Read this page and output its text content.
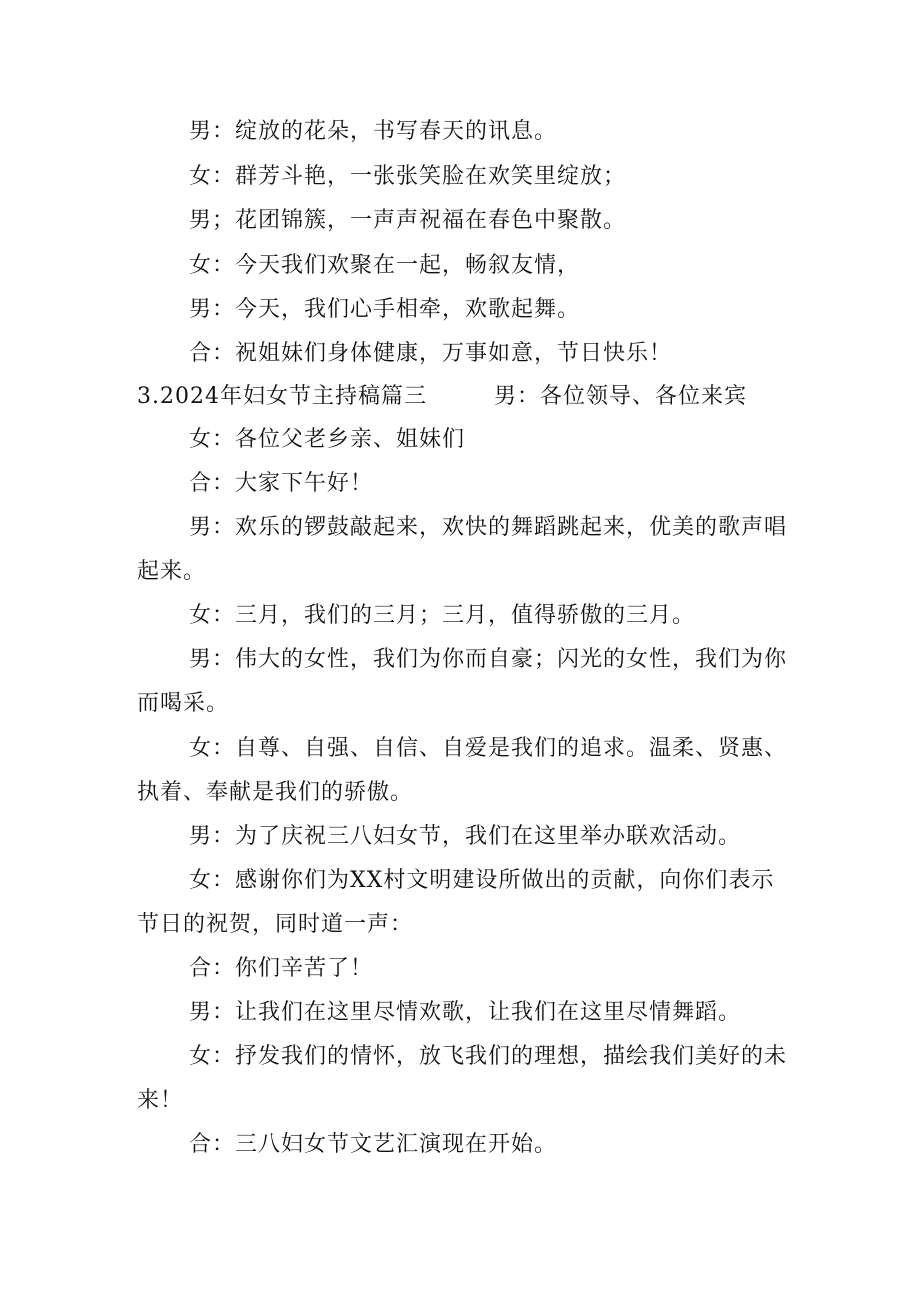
男：绽放的花朵，书写春天的讯息。
女：群芳斗艳，一张张笑脸在欢笑里绽放；
男；花团锦簇，一声声祝福在春色中聚散。
女：今天我们欢聚在一起，畅叙友情，
男：今天，我们心手相牵，欢歌起舞。
合：祝姐妹们身体健康，万事如意，节日快乐！
3.2024年妇女节主持稿篇三	男：各位领导、各位来宾
女：各位父老乡亲、姐妹们
合：大家下午好！
男：欢乐的锣鼓敲起来，欢快的舞蹈跳起来，优美的歌声唱
起来。
女：三月，我们的三月；三月，值得骄傲的三月。
男：伟大的女性，我们为你而自豪；闪光的女性，我们为你
而喝采。
女：自尊、自强、自信、自爱是我们的追求。温柔、贤惠、
执着、奉献是我们的骄傲。
男：为了庆祝三八妇女节，我们在这里举办联欢活动。
女：感谢你们为XX村文明建设所做出的贡献，向你们表示
节日的祝贺，同时道一声：
合：你们辛苦了！
男：让我们在这里尽情欢歌，让我们在这里尽情舞蹈。
女：抒发我们的情怀，放飞我们的理想，描绘我们美好的未
来！
合：三八妇女节文艺汇演现在开始。
